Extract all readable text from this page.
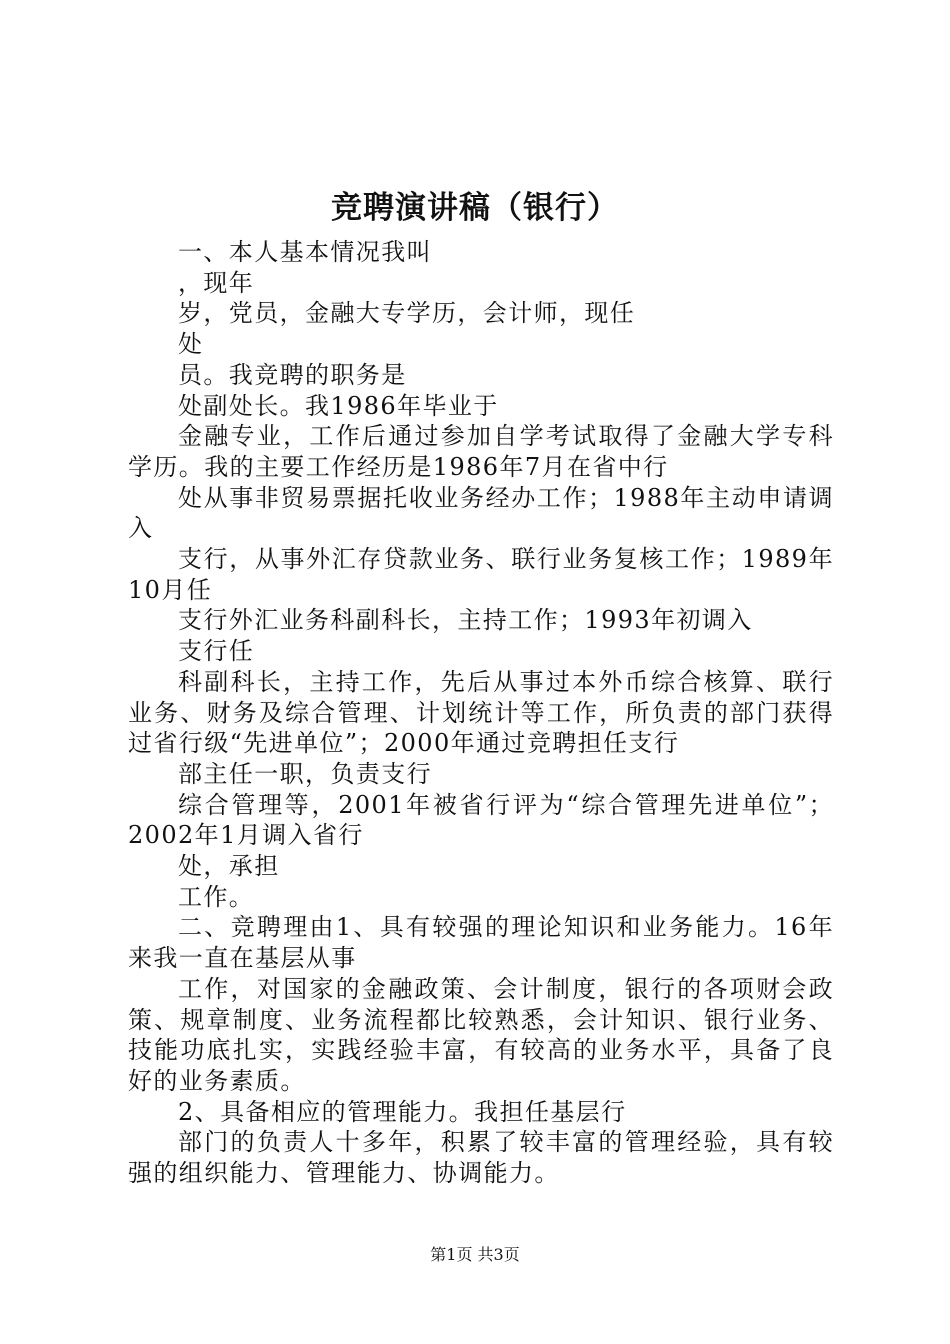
竞聘演讲稿（银行）

一、本人基本情况我叫

，现年

岁，党员，金融大专学历，会计师，现任

处

员。我竞聘的职务是

处副处长。我1986年毕业于

金融专业，工作后通过参加自学考试取得了金融大学专科学历。我的主要工作经历是1986年7月在省中行

处从事非贸易票据托收业务经办工作；1988年主动申请调入

支行，从事外汇存贷款业务、联行业务复核工作；1989年10月任

支行外汇业务科副科长，主持工作；1993年初调入

支行任

科副科长，主持工作，先后从事过本外币综合核算、联行业务、财务及综合管理、计划统计等工作，所负责的部门获得过省行级“先进单位”；2000年通过竞聘担任支行

部主任一职，负责支行

综合管理等，2001年被省行评为“综合管理先进单位”；2002年1月调入省行

处，承担

工作。

二、竞聘理由1、具有较强的理论知识和业务能力。16年来我一直在基层从事

工作，对国家的金融政策、会计制度，银行的各项财会政策、规章制度、业务流程都比较熟悉，会计知识、银行业务、技能功底扎实，实践经验丰富，有较高的业务水平，具备了良好的业务素质。

2、具备相应的管理能力。我担任基层行

部门的负责人十多年，积累了较丰富的管理经验，具有较强的组织能力、管理能力、协调能力。

第1页 共3页
